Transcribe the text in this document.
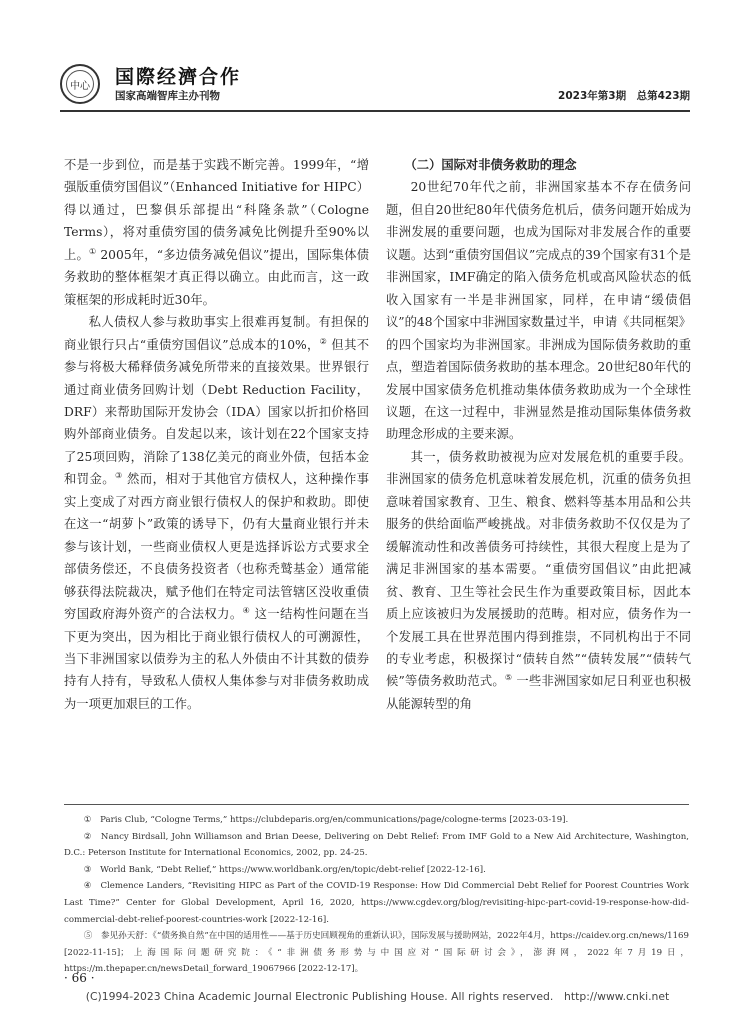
中心 国際经濟合作
国家高端智库主办刊物	2023年第3期　总第423期

不是一步到位，而是基于实践不断完善。1999年，“增强版重债穷国倡议”（Enhanced Initiative for HIPC）得以通过，巴黎俱乐部提出“科隆条款”（Cologne Terms），将对重债穷国的债务减免比例提升至90%以上。① 2005年，“多边债务减免倡议”提出，国际集体债务救助的整体框架才真正得以确立。由此而言，这一政策框架的形成耗时近30年。

私人债权人参与救助事实上很难再复制。有担保的商业银行只占“重债穷国倡议”总成本的10%，② 但其不参与将极大稀释债务减免所带来的直接效果。世界银行通过商业债务回购计划（Debt Reduction Facility，DRF）来帮助国际开发协会（IDA）国家以折扣价格回购外部商业债务。自发起以来，该计划在22个国家支持了25项回购，消除了138亿美元的商业外债，包括本金和罚金。③ 然而，相对于其他官方债权人，这种操作事实上变成了对西方商业银行债权人的保护和救助。即使在这一“胡萝卜”政策的诱导下，仍有大量商业银行并未参与该计划，一些商业债权人更是选择诉讼方式要求全部债务偿还，不良债务投资者（也称秃鹫基金）通常能够获得法院裁决，赋予他们在特定司法管辖区没收重债穷国政府海外资产的合法权力。④ 这一结构性问题在当下更为突出，因为相比于商业银行债权人的可溯源性，当下非洲国家以债券为主的私人外债由不计其数的债券持有人持有，导致私人债权人集体参与对非债务救助成为一项更加艰巨的工作。

（二）国际对非债务救助的理念

20世纪70年代之前，非洲国家基本不存在债务问题，但自20世纪80年代债务危机后，债务问题开始成为非洲发展的重要问题，也成为国际对非发展合作的重要议题。达到“重债穷国倡议”完成点的39个国家有31个是非洲国家，IMF确定的陷入债务危机或高风险状态的低收入国家有一半是非洲国家，同样，在申请“缓债倡议”的48个国家中非洲国家数量过半，申请《共同框架》的四个国家均为非洲国家。非洲成为国际债务救助的重点，塑造着国际债务救助的基本理念。20世纪80年代的发展中国家债务危机推动集体债务救助成为一个全球性议题，在这一过程中，非洲显然是推动国际集体债务救助理念形成的主要来源。

其一，债务救助被视为应对发展危机的重要手段。非洲国家的债务危机意味着发展危机，沉重的债务负担意味着国家教育、卫生、粮食、燃料等基本用品和公共服务的供给面临严峻挑战。对非债务救助不仅仅是为了缓解流动性和改善债务可持续性，其很大程度上是为了满足非洲国家的基本需要。“重债穷国倡议”由此把减贫、教育、卫生等社会民生作为重要政策目标，因此本质上应该被归为发展援助的范畴。相对应，债务作为一个发展工具在世界范围内得到推崇，不同机构出于不同的专业考虑，积极探讨“债转自然”“债转发展”“债转气候”等债务救助范式。⑤ 一些非洲国家如尼日利亚也积极从能源转型的角

①　Paris Club, “Cologne Terms,” https://clubdeparis.org/en/communications/page/cologne-terms [2023-03-19].

②　Nancy Birdsall, John Williamson and Brian Deese, Delivering on Debt Relief: From IMF Gold to a New Aid Architecture, Washington, D.C.: Peterson Institute for International Economics, 2002, pp. 24-25.

③　World Bank, “Debt Relief,” https://www.worldbank.org/en/topic/debt-relief [2022-12-16].

④　Clemence Landers, “Revisiting HIPC as Part of the COVID-19 Response: How Did Commercial Debt Relief for Poorest Countries Work Last Time?” Center for Global Development, April 16, 2020, https://www.cgdev.org/blog/revisiting-hipc-part-covid-19-response-how-did-commercial-debt-relief-poorest-countries-work [2022-12-16].

⑤　参见孙天舒：《“债务换自然”在中国的适用性——基于历史回顾视角的重新认识》，国际发展与援助网站，2022年4月，https://caidev.org.cn/news/1169 [2022-11-15]；上海国际问题研究院：《“非洲债务形势与中国应对”国际研讨会》，澎湃网，2022年7月19日，https://m.thepaper.cn/newsDetail_forward_19067966 [2022-12-17]。

· 66 ·
(C)1994-2023 China Academic Journal Electronic Publishing House. All rights reserved.　http://www.cnki.net
